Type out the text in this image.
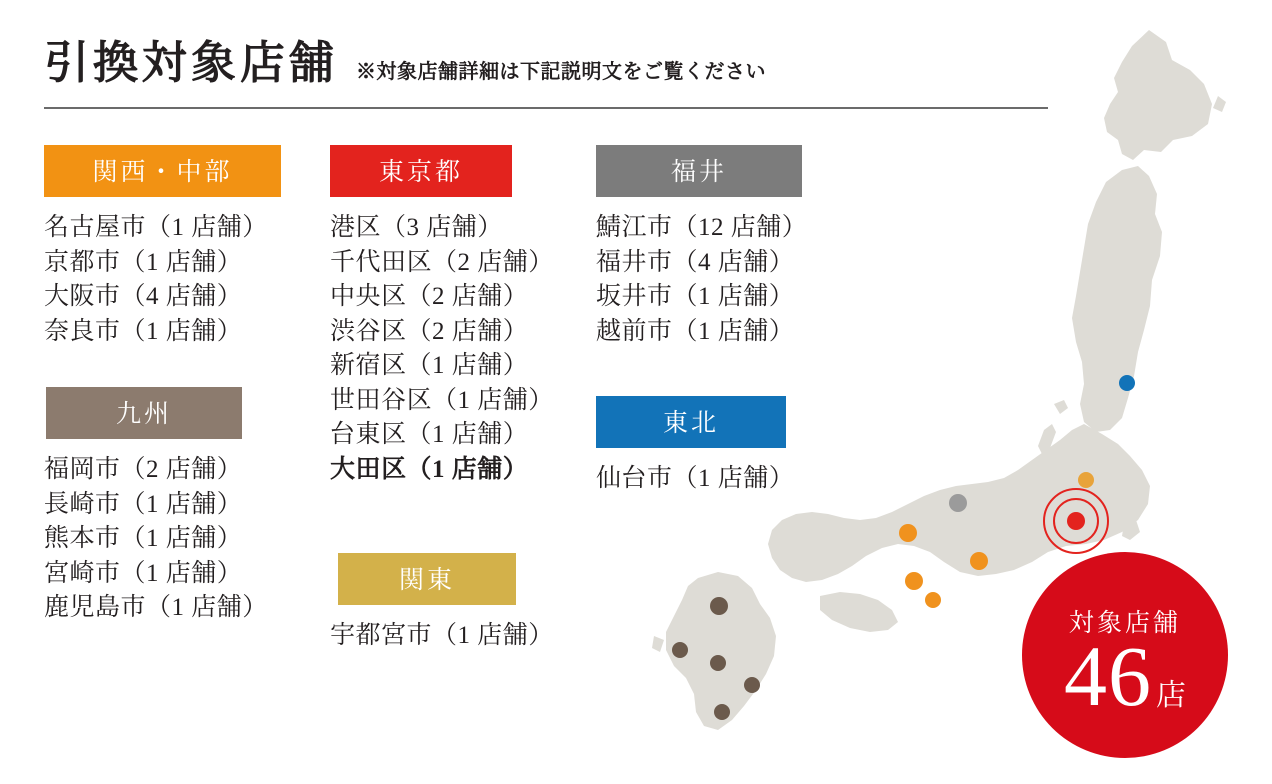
引換対象店舗 ※対象店舗詳細は下記説明文をご覧ください
関西・中部
名古屋市（1 店舗）
京都市（1 店舗）
大阪市（4 店舗）
奈良市（1 店舗）
九州
福岡市（2 店舗）
長崎市（1 店舗）
熊本市（1 店舗）
宮崎市（1 店舗）
鹿児島市（1 店舗）
東京都
港区（3 店舗）
千代田区（2 店舗）
中央区（2 店舗）
渋谷区（2 店舗）
新宿区（1 店舗）
世田谷区（1 店舗）
台東区（1 店舗）
大田区（1 店舗）
関東
宇都宮市（1 店舗）
福井
鯖江市（12 店舗）
福井市（4 店舗）
坂井市（1 店舗）
越前市（1 店舗）
東北
仙台市（1 店舗）
対象店舗
46 店
